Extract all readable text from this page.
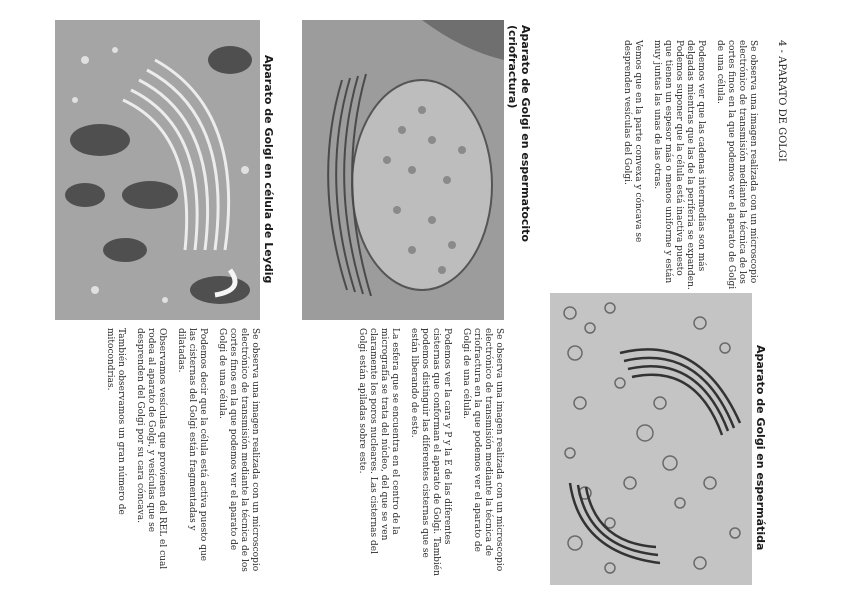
4 - APARATO DE GOLGI

Se observa una imagen realizada con un microscopio electrónico de transmisión mediante la técnica de los cortes finos en la que podemos ver el aparato de Golgi de una célula.

Podemos ver que las cadenas intermedias son más delgadas mientras que las de la periferia se expanden. Podemos suponer que la célula está inactiva puesto que tienen un espesor más o menos uniforme y están muy juntas las unas de las otras.

Vemos que en la parte convexa y cóncava se desprenden vesículas del Golgi.

Aparato de Golgi en espermátida
Aparato de Golgi en espermatocito (criofractura)

Se observa una imagen realizada con un microscopio electrónico de transmisión mediante la técnica de criofractura en la que podemos ver el aparato de Golgi de una célula.

Podemos ver la cara y P y la E de las diferentes cisternas que conforman el aparato de Golgi. También podemos distinguir las diferentes cisternas que se están liberando de este.

La esfera que se encuentra en el centro de la micrografía se trata del núcleo, del que se ven claramente los poros nucleares. Las cisternas del Golgi están apiladas sobre este.

Aparato de Golgi en célula de Leydig

Se observa una imagen realizada con un microscopio electrónico de transmisión mediante la técnica de los cortes finos en la que podemos ver el aparato de Golgi de una célula.

Podemos decir que la célula está activa puesto que las cisternas del Golgi están fragmentadas y dilatadas.

Observamos vesículas que provienen del REL el cual rodea al aparato de Golgi, y vesículas que se desprenden del Golgi por su cara cóncava.

También observamos un gran número de mitocondrias.
